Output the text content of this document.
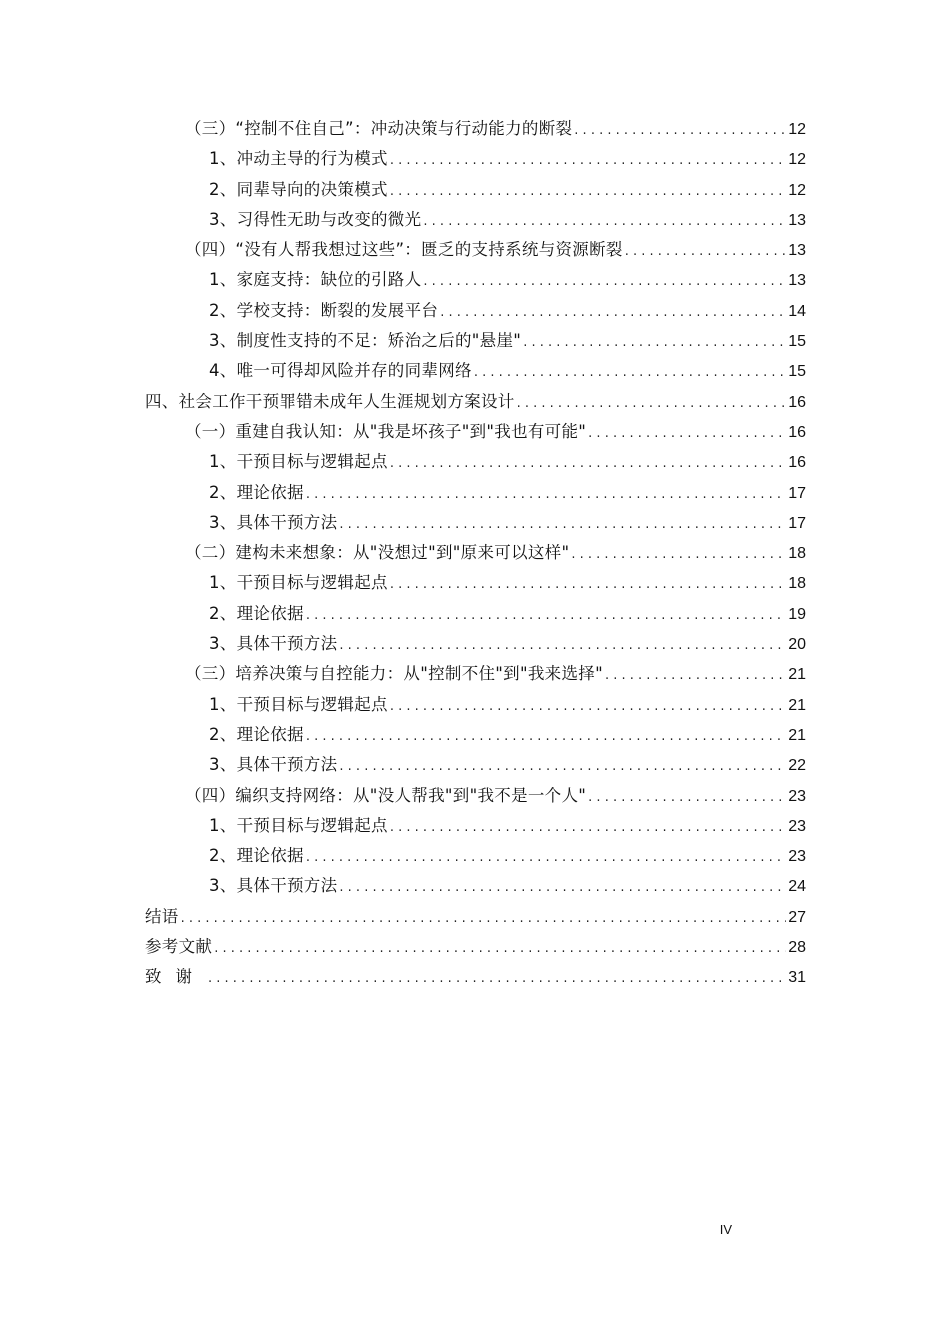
（三）“控制不住自己”：冲动决策与行动能力的断裂 . . .	12
1、冲动主导的行为模式 . . .	12
2、同辈导向的决策模式 . . .	12
3、习得性无助与改变的微光 . . .	13
（四）“没有人帮我想过这些”：匮乏的支持系统与资源断裂 . . .	13
1、家庭支持：缺位的引路人 . . .	13
2、学校支持：断裂的发展平台 . . .	14
3、制度性支持的不足：矫治之后的"悬崖" . . .	15
4、唯一可得却风险并存的同辈网络 . . .	15
四、社会工作干预罪错未成年人生涯规划方案设计 . . .	16
（一）重建自我认知：从"我是坏孩子"到"我也有可能" . . .	16
1、干预目标与逻辑起点 . . .	16
2、理论依据 . . .	17
3、具体干预方法 . . .	17
（二）建构未来想象：从"没想过"到"原来可以这样" . . .	18
1、干预目标与逻辑起点 . . .	18
2、理论依据 . . .	19
3、具体干预方法 . . .	20
（三）培养决策与自控能力：从"控制不住"到"我来选择" . . .	21
1、干预目标与逻辑起点 . . .	21
2、理论依据 . . .	21
3、具体干预方法 . . .	22
（四）编织支持网络：从"没人帮我"到"我不是一个人" . . .	23
1、干预目标与逻辑起点 . . .	23
2、理论依据 . . .	23
3、具体干预方法 . . .	24
结语 . . .	27
参考文献 . . .	28
致谢 . . .	31
IV
